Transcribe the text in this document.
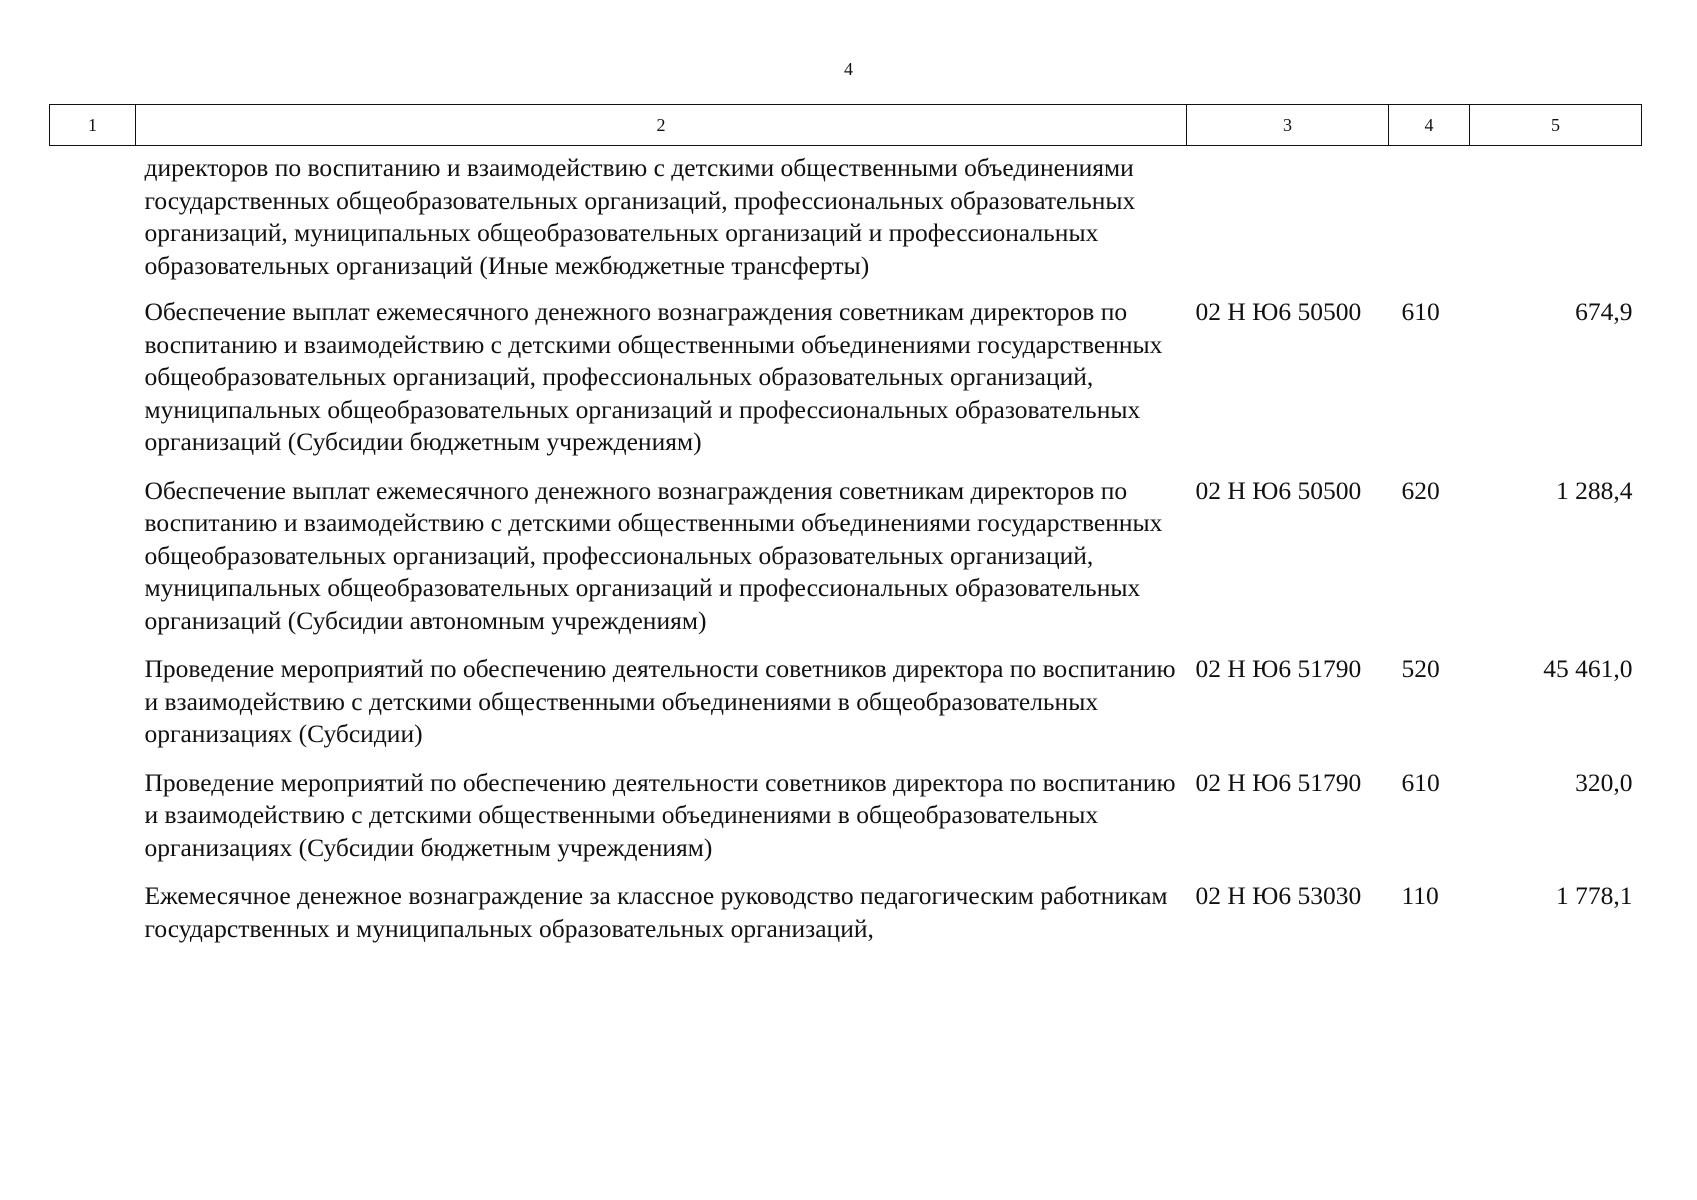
4
1	2	3	4	5
	директоров по воспитанию и взаимодействию с детскими общественными объединениями государственных общеобразовательных организаций, профессиональных образовательных организаций, муниципальных общеобразовательных организаций и профессиональных образовательных организаций (Иные межбюджетные трансферты)			
	Обеспечение выплат ежемесячного денежного вознаграждения советникам директоров по воспитанию и взаимодействию с детскими общественными объединениями государственных общеобразовательных организаций, профессиональных образовательных организаций, муниципальных общеобразовательных организаций и профессиональных образовательных организаций (Субсидии бюджетным учреждениям)	02 Н Ю6 50500	610	674,9
	Обеспечение выплат ежемесячного денежного вознаграждения советникам директоров по воспитанию и взаимодействию с детскими общественными объединениями государственных общеобразовательных организаций, профессиональных образовательных организаций, муниципальных общеобразовательных организаций и профессиональных образовательных организаций (Субсидии автономным учреждениям)	02 Н Ю6 50500	620	1 288,4
	Проведение мероприятий по обеспечению деятельности советников директора по воспитанию и взаимодействию с детскими общественными объединениями в общеобразовательных организациях (Субсидии)	02 Н Ю6 51790	520	45 461,0
	Проведение мероприятий по обеспечению деятельности советников директора по воспитанию и взаимодействию с детскими общественными объединениями в общеобразовательных организациях (Субсидии бюджетным учреждениям)	02 Н Ю6 51790	610	320,0
	Ежемесячное денежное вознаграждение за классное руководство педагогическим работникам государственных и муниципальных образовательных организаций,	02 Н Ю6 53030	110	1 778,1
